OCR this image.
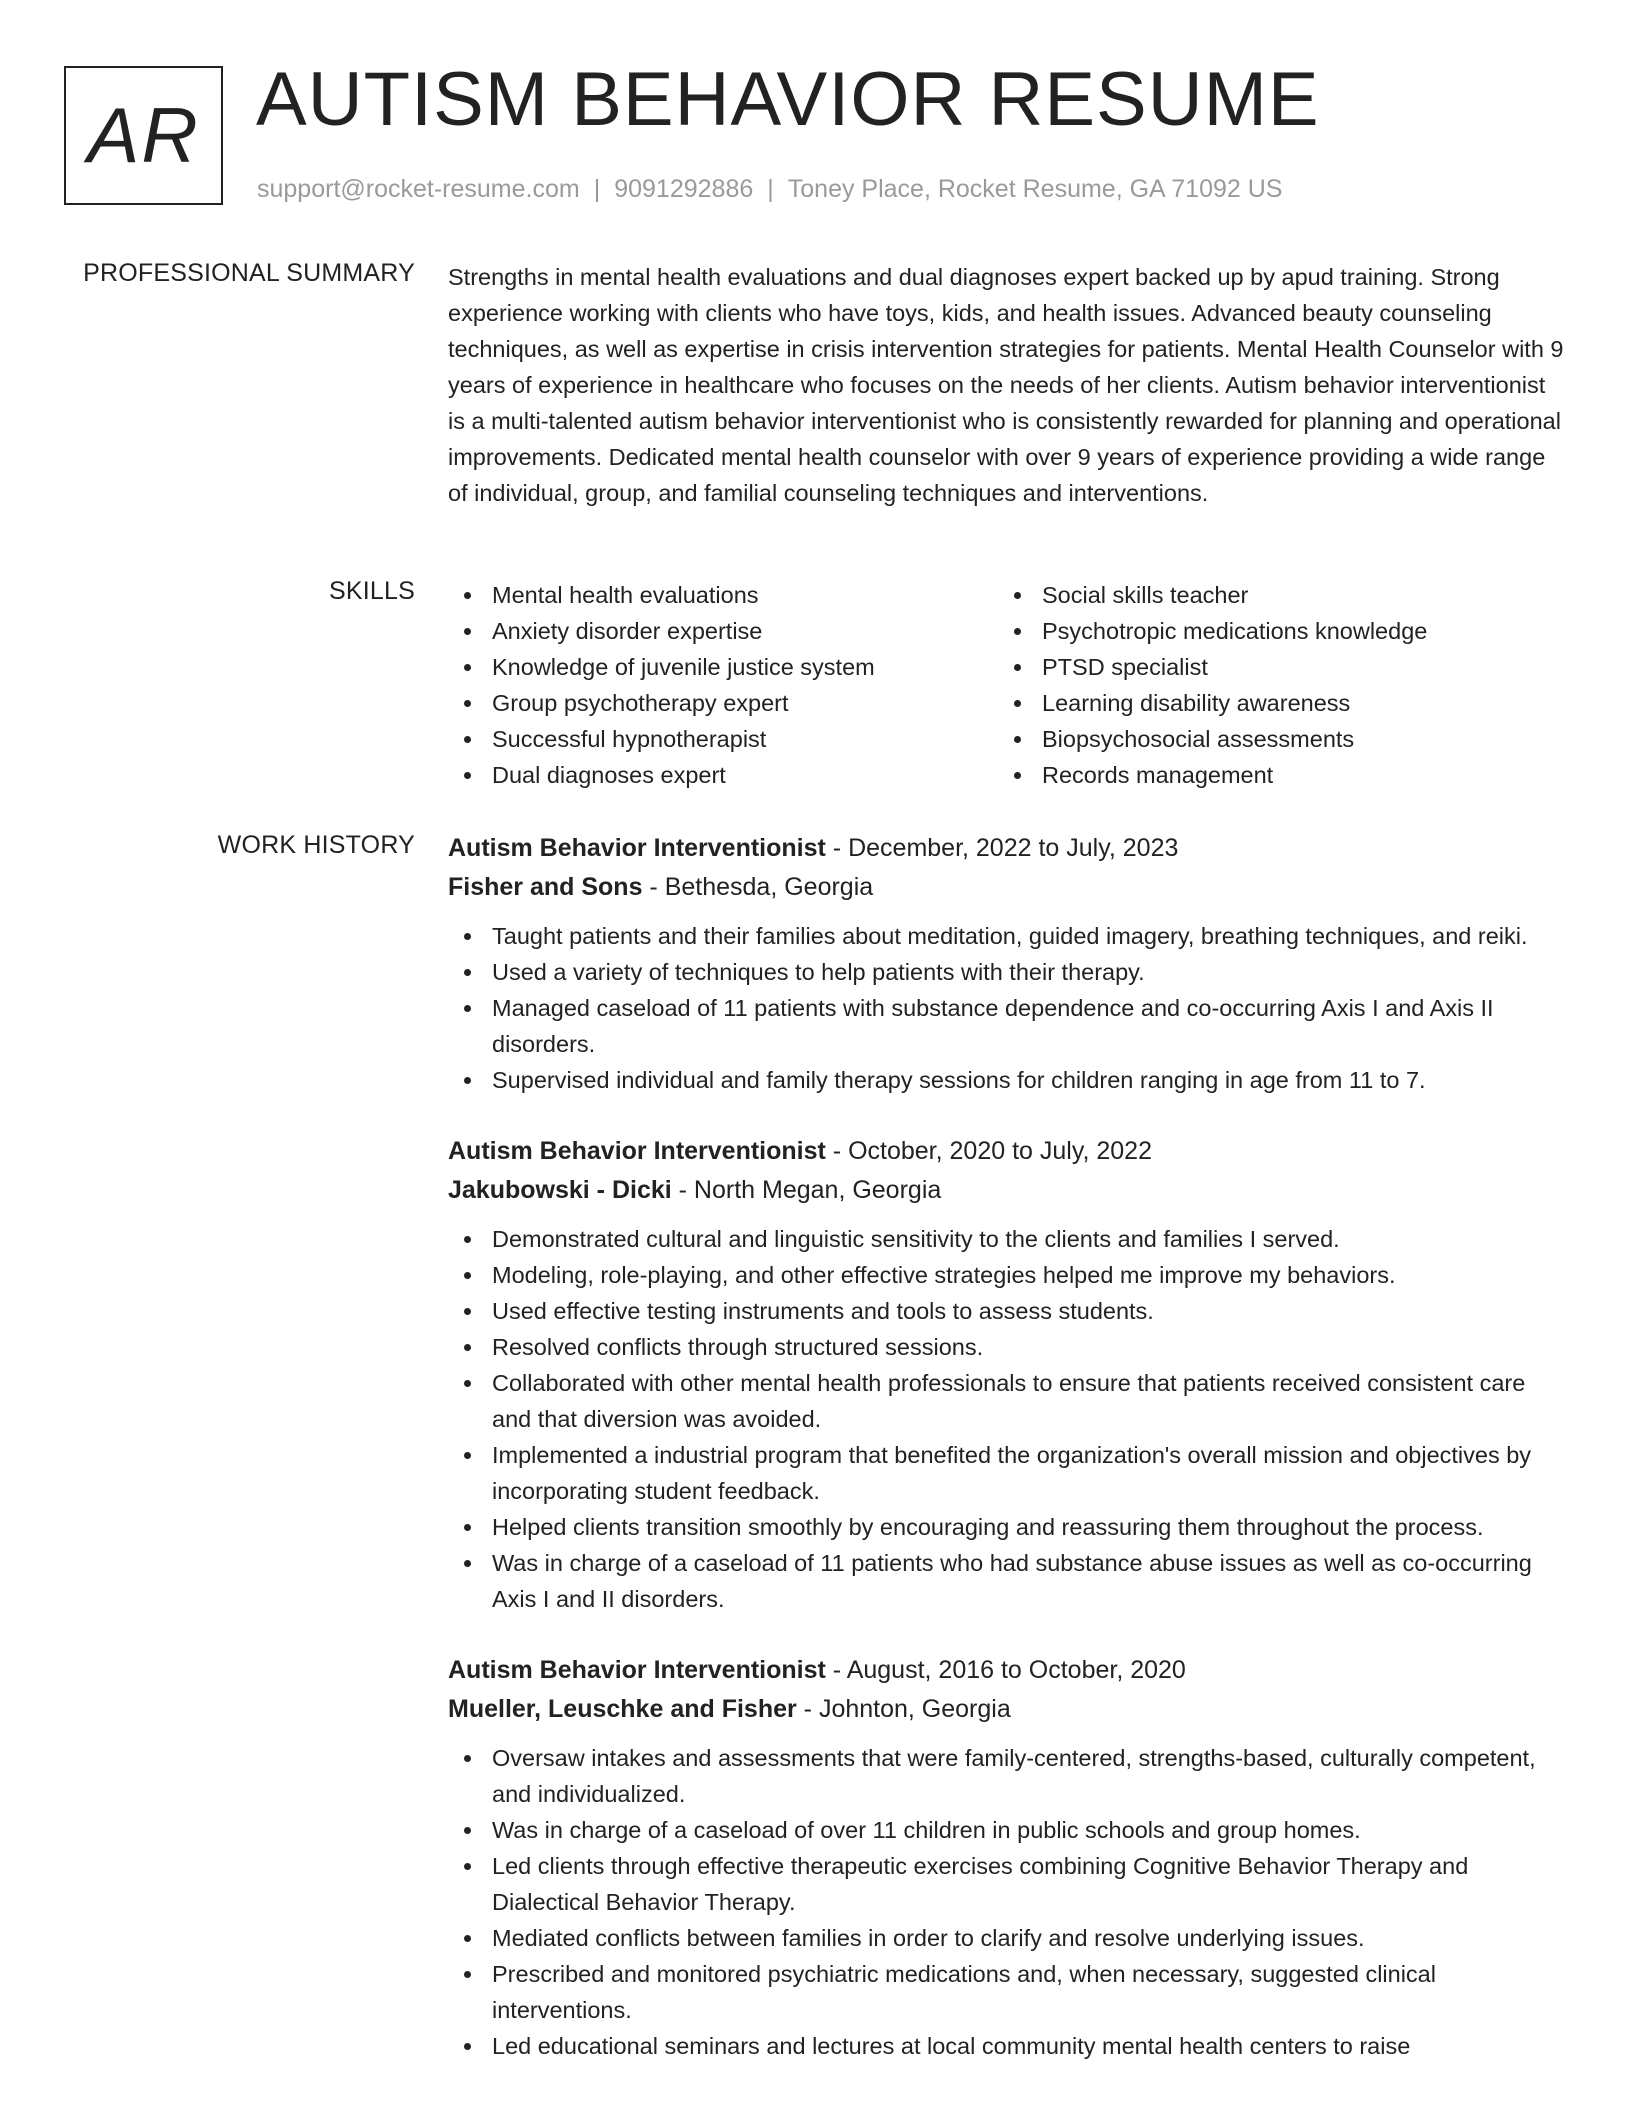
AR AUTISM BEHAVIOR RESUME
support@rocket-resume.com | 9091292886 | Toney Place, Rocket Resume, GA 71092 US
PROFESSIONAL SUMMARY Strengths in mental health evaluations and dual diagnoses expert backed up by apud training. Strong experience working with clients who have toys, kids, and health issues. Advanced beauty counseling techniques, as well as expertise in crisis intervention strategies for patients. Mental Health Counselor with 9 years of experience in healthcare who focuses on the needs of her clients. Autism behavior interventionist is a multi-talented autism behavior interventionist who is consistently rewarded for planning and operational improvements. Dedicated mental health counselor with over 9 years of experience providing a wide range of individual, group, and familial counseling techniques and interventions.

SKILLS	Mental health evaluations
Anxiety disorder expertise
Knowledge of juvenile justice system
Group psychotherapy expert
Successful hypnotherapist
Dual diagnoses expert
Social skills teacher
Psychotropic medications knowledge
PTSD specialist
Learning disability awareness
Biopsychosocial assessments
Records management
WORK HISTORY Autism Behavior Interventionist - December, 2022 to July, 2023
Fisher and Sons - Bethesda, Georgia
Taught patients and their families about meditation, guided imagery, breathing techniques, and reiki.
Used a variety of techniques to help patients with their therapy.
Managed caseload of 11 patients with substance dependence and co-occurring Axis I and Axis II disorders.
Supervised individual and family therapy sessions for children ranging in age from 11 to 7.
Autism Behavior Interventionist - October, 2020 to July, 2022
Jakubowski - Dicki - North Megan, Georgia
Demonstrated cultural and linguistic sensitivity to the clients and families I served.
Modeling, role-playing, and other effective strategies helped me improve my behaviors.
Used effective testing instruments and tools to assess students.
Resolved conflicts through structured sessions.
Collaborated with other mental health professionals to ensure that patients received consistent care and that diversion was avoided.
Implemented a industrial program that benefited the organization's overall mission and objectives by incorporating student feedback.
Helped clients transition smoothly by encouraging and reassuring them throughout the process.
Was in charge of a caseload of 11 patients who had substance abuse issues as well as co-occurring Axis I and II disorders.
Autism Behavior Interventionist - August, 2016 to October, 2020
Mueller, Leuschke and Fisher - Johnton, Georgia
Oversaw intakes and assessments that were family-centered, strengths-based, culturally competent, and individualized.
Was in charge of a caseload of over 11 children in public schools and group homes.
Led clients through effective therapeutic exercises combining Cognitive Behavior Therapy and Dialectical Behavior Therapy.
Mediated conflicts between families in order to clarify and resolve underlying issues.
Prescribed and monitored psychiatric medications and, when necessary, suggested clinical interventions.
Led educational seminars and lectures at local community mental health centers to raise
